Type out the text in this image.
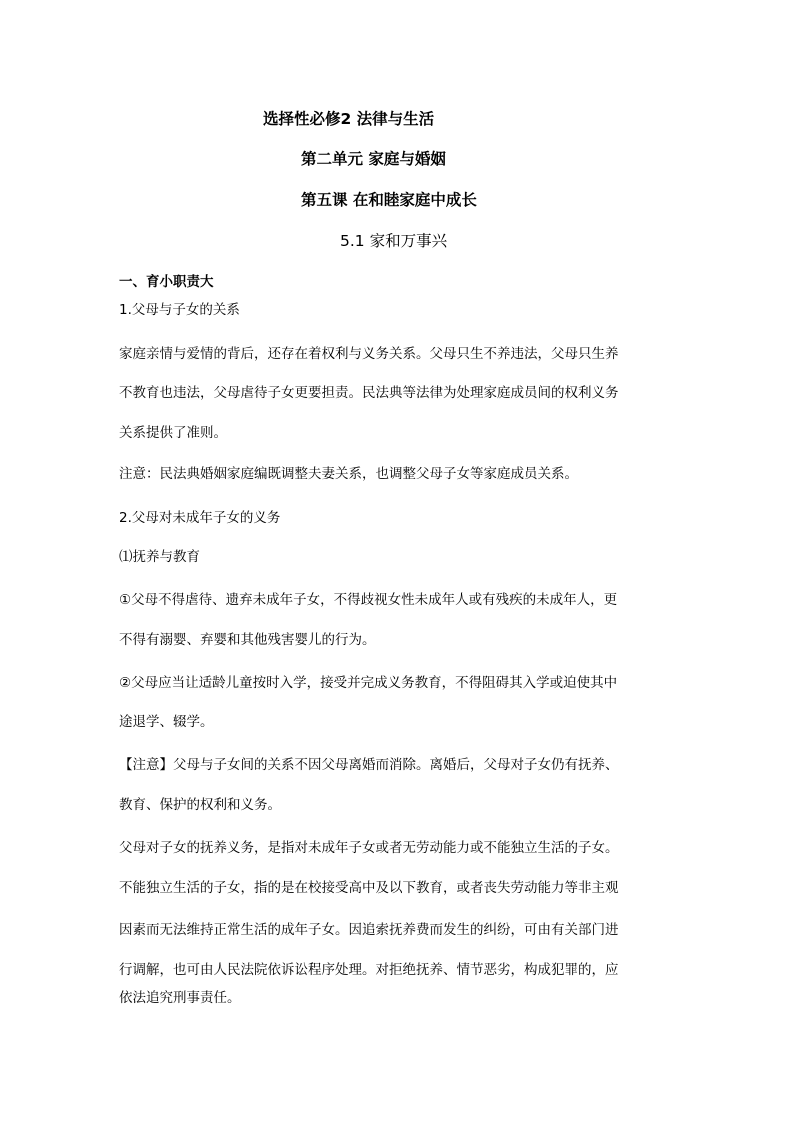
选择性必修2 法律与生活
第二单元 家庭与婚姻
第五课 在和睦家庭中成长
5.1 家和万事兴
一、育小职责大
1.父母与子女的关系
家庭亲情与爱情的背后，还存在着权利与义务关系。父母只生不养违法，父母只生养
不教育也违法，父母虐待子女更要担责。民法典等法律为处理家庭成员间的权利义务
关系提供了准则。
注意：民法典婚姻家庭编既调整夫妻关系，也调整父母子女等家庭成员关系。
2.父母对未成年子女的义务
⑴抚养与教育
①父母不得虐待、遗弃未成年子女，不得歧视女性未成年人或有残疾的未成年人，更
不得有溺婴、弃婴和其他残害婴儿的行为。
②父母应当让适龄儿童按时入学，接受并完成义务教育，不得阻碍其入学或迫使其中
途退学、辍学。
【注意】父母与子女间的关系不因父母离婚而消除。离婚后，父母对子女仍有抚养、
教育、保护的权利和义务。
父母对子女的抚养义务，是指对未成年子女或者无劳动能力或不能独立生活的子女。
不能独立生活的子女，指的是在校接受高中及以下教育，或者丧失劳动能力等非主观
因素而无法维持正常生活的成年子女。因追索抚养费而发生的纠纷，可由有关部门进
行调解，也可由人民法院依诉讼程序处理。对拒绝抚养、情节恶劣，构成犯罪的，应
依法追究刑事责任。
